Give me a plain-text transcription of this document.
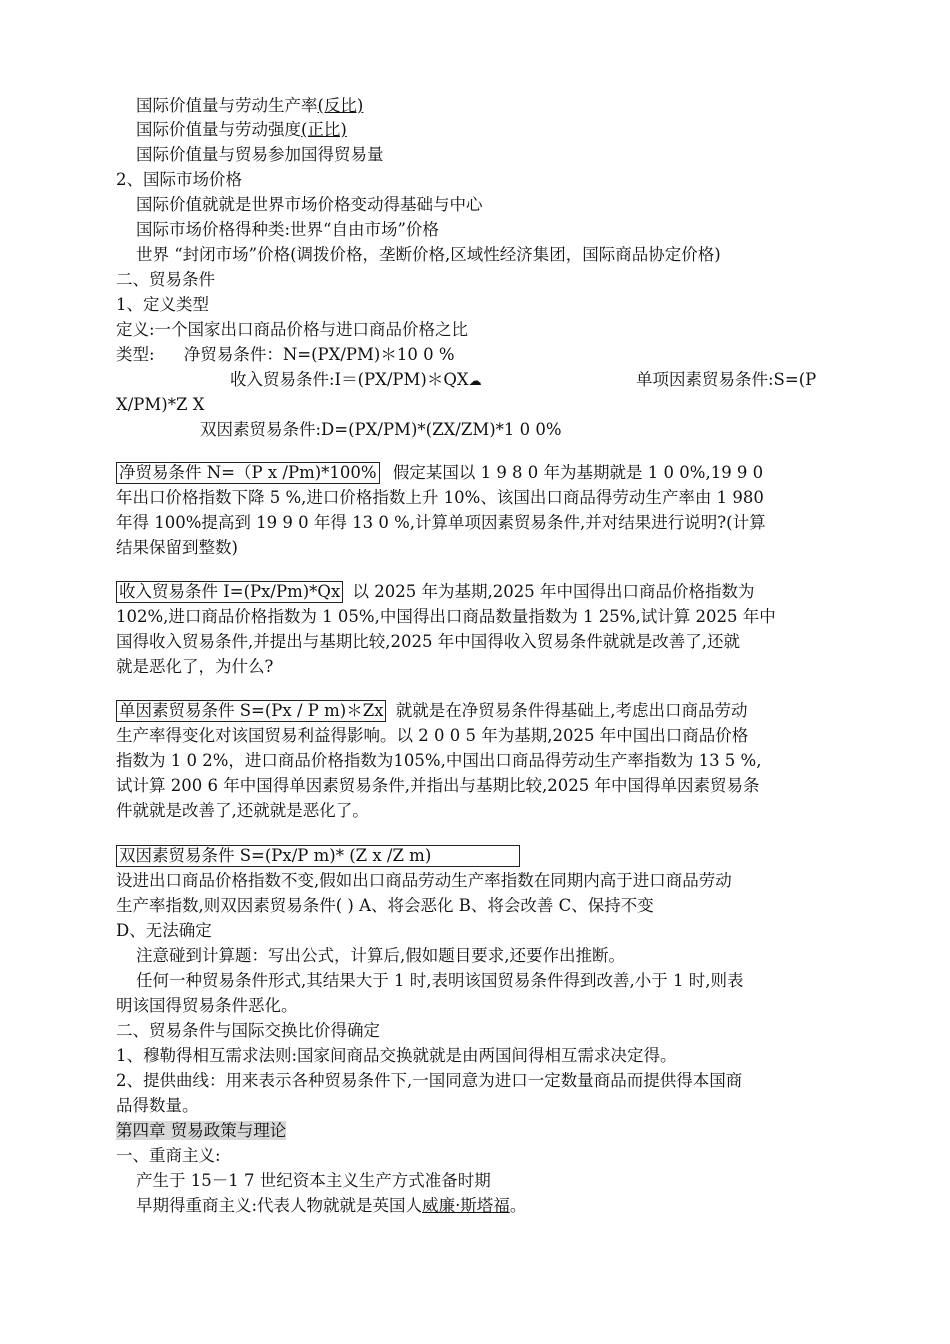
国际价值量与劳动生产率(反比)
国际价值量与劳动强度(正比)
国际价值量与贸易参加国得贸易量
2、国际市场价格
国际价值就就是世界市场价格变动得基础与中心
国际市场价格得种类:世界“自由市场”价格
世界 “封闭市场”价格(调拨价格，垄断价格,区域性经济集团，国际商品协定价格)
二、贸易条件
1、定义类型
定义:一个国家出口商品价格与进口商品价格之比
类型: 净贸易条件：N=(PX/PM)＊10 0 %
收入贸易条件:I＝(PX/PM)＊QX☁	单项因素贸易条件:S=(P
X/PM)*Z X
双因素贸易条件:D=(PX/PM)*(ZX/ZM)*1 0 0%
净贸易条件 N=（P x /Pm)*100% 假定某国以 1 9 8 0 年为基期就是 1 0 0%,19 9 0
年出口价格指数下降 5 %,进口价格指数上升 10%、该国出口商品得劳动生产率由 1 980
年得 100%提高到 19 9 0 年得 13 0 %,计算单项因素贸易条件,并对结果进行说明?(计算
结果保留到整数)
收入贸易条件 I=(Px/Pm)*Qx 以 2025 年为基期,2025 年中国得出口商品价格指数为
102%,进口商品价格指数为 1 05%,中国得出口商品数量指数为 1 25%,试计算 2025 年中
国得收入贸易条件,并提出与基期比较,2025 年中国得收入贸易条件就就是改善了,还就
就是恶化了，为什么?
单因素贸易条件 S=(Px / P m)＊Zx 就就是在净贸易条件得基础上,考虑出口商品劳动
生产率得变化对该国贸易利益得影响。以 2 0 0 5 年为基期,2025 年中国出口商品价格
指数为 1 0 2%，进口商品价格指数为105%,中国出口商品得劳动生产率指数为 13 5 %,
试计算 200 6 年中国得单因素贸易条件,并指出与基期比较,2025 年中国得单因素贸易条
件就就是改善了,还就就是恶化了。
双因素贸易条件 S=(Px/P m)* (Z x /Z m)
设进出口商品价格指数不变,假如出口商品劳动生产率指数在同期内高于进口商品劳动
生产率指数,则双因素贸易条件( ) A、将会恶化 B、将会改善 C、保持不变
D、无法确定
注意碰到计算题：写出公式，计算后,假如题目要求,还要作出推断。
任何一种贸易条件形式,其结果大于 1 时,表明该国贸易条件得到改善,小于 1 时,则表
明该国得贸易条件恶化。
二、贸易条件与国际交换比价得确定
1、穆勒得相互需求法则:国家间商品交换就就是由两国间得相互需求决定得。
2、提供曲线：用来表示各种贸易条件下,一国同意为进口一定数量商品而提供得本国商
品得数量。
第四章 贸易政策与理论
一、重商主义:
产生于 15－1 7 世纪资本主义生产方式准备时期
早期得重商主义:代表人物就就是英国人威廉·斯塔福。
